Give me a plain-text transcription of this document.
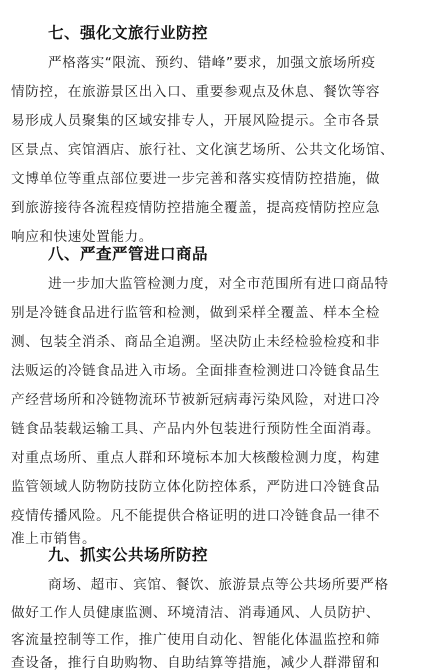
七、强化文旅行业防控
严格落实“限流、预约、错峰”要求，加强文旅场所疫
情防控，在旅游景区出入口、重要参观点及休息、餐饮等容
易形成人员聚集的区域安排专人，开展风险提示。全市各景
区景点、宾馆酒店、旅行社、文化演艺场所、公共文化场馆、
文博单位等重点部位要进一步完善和落实疫情防控措施，做
到旅游接待各流程疫情防控措施全覆盖，提高疫情防控应急
响应和快速处置能力。
八、严查严管进口商品
进一步加大监管检测力度，对全市范围所有进口商品特
别是冷链食品进行监管和检测，做到采样全覆盖、样本全检
测、包装全消杀、商品全追溯。坚决防止未经检验检疫和非
法贩运的冷链食品进入市场。全面排查检测进口冷链食品生
产经营场所和冷链物流环节被新冠病毒污染风险，对进口冷
链食品装载运输工具、产品内外包装进行预防性全面消毒。
对重点场所、重点人群和环境标本加大核酸检测力度，构建
监管领域人防物防技防立体化防控体系，严防进口冷链食品
疫情传播风险。凡不能提供合格证明的进口冷链食品一律不
准上市销售。
九、抓实公共场所防控
商场、超市、宾馆、餐饮、旅游景点等公共场所要严格
做好工作人员健康监测、环境清洁、消毒通风、人员防护、
客流量控制等工作，推广使用自动化、智能化体温监控和筛
查设备，推行自助购物、自助结算等措施，减少人群滞留和
